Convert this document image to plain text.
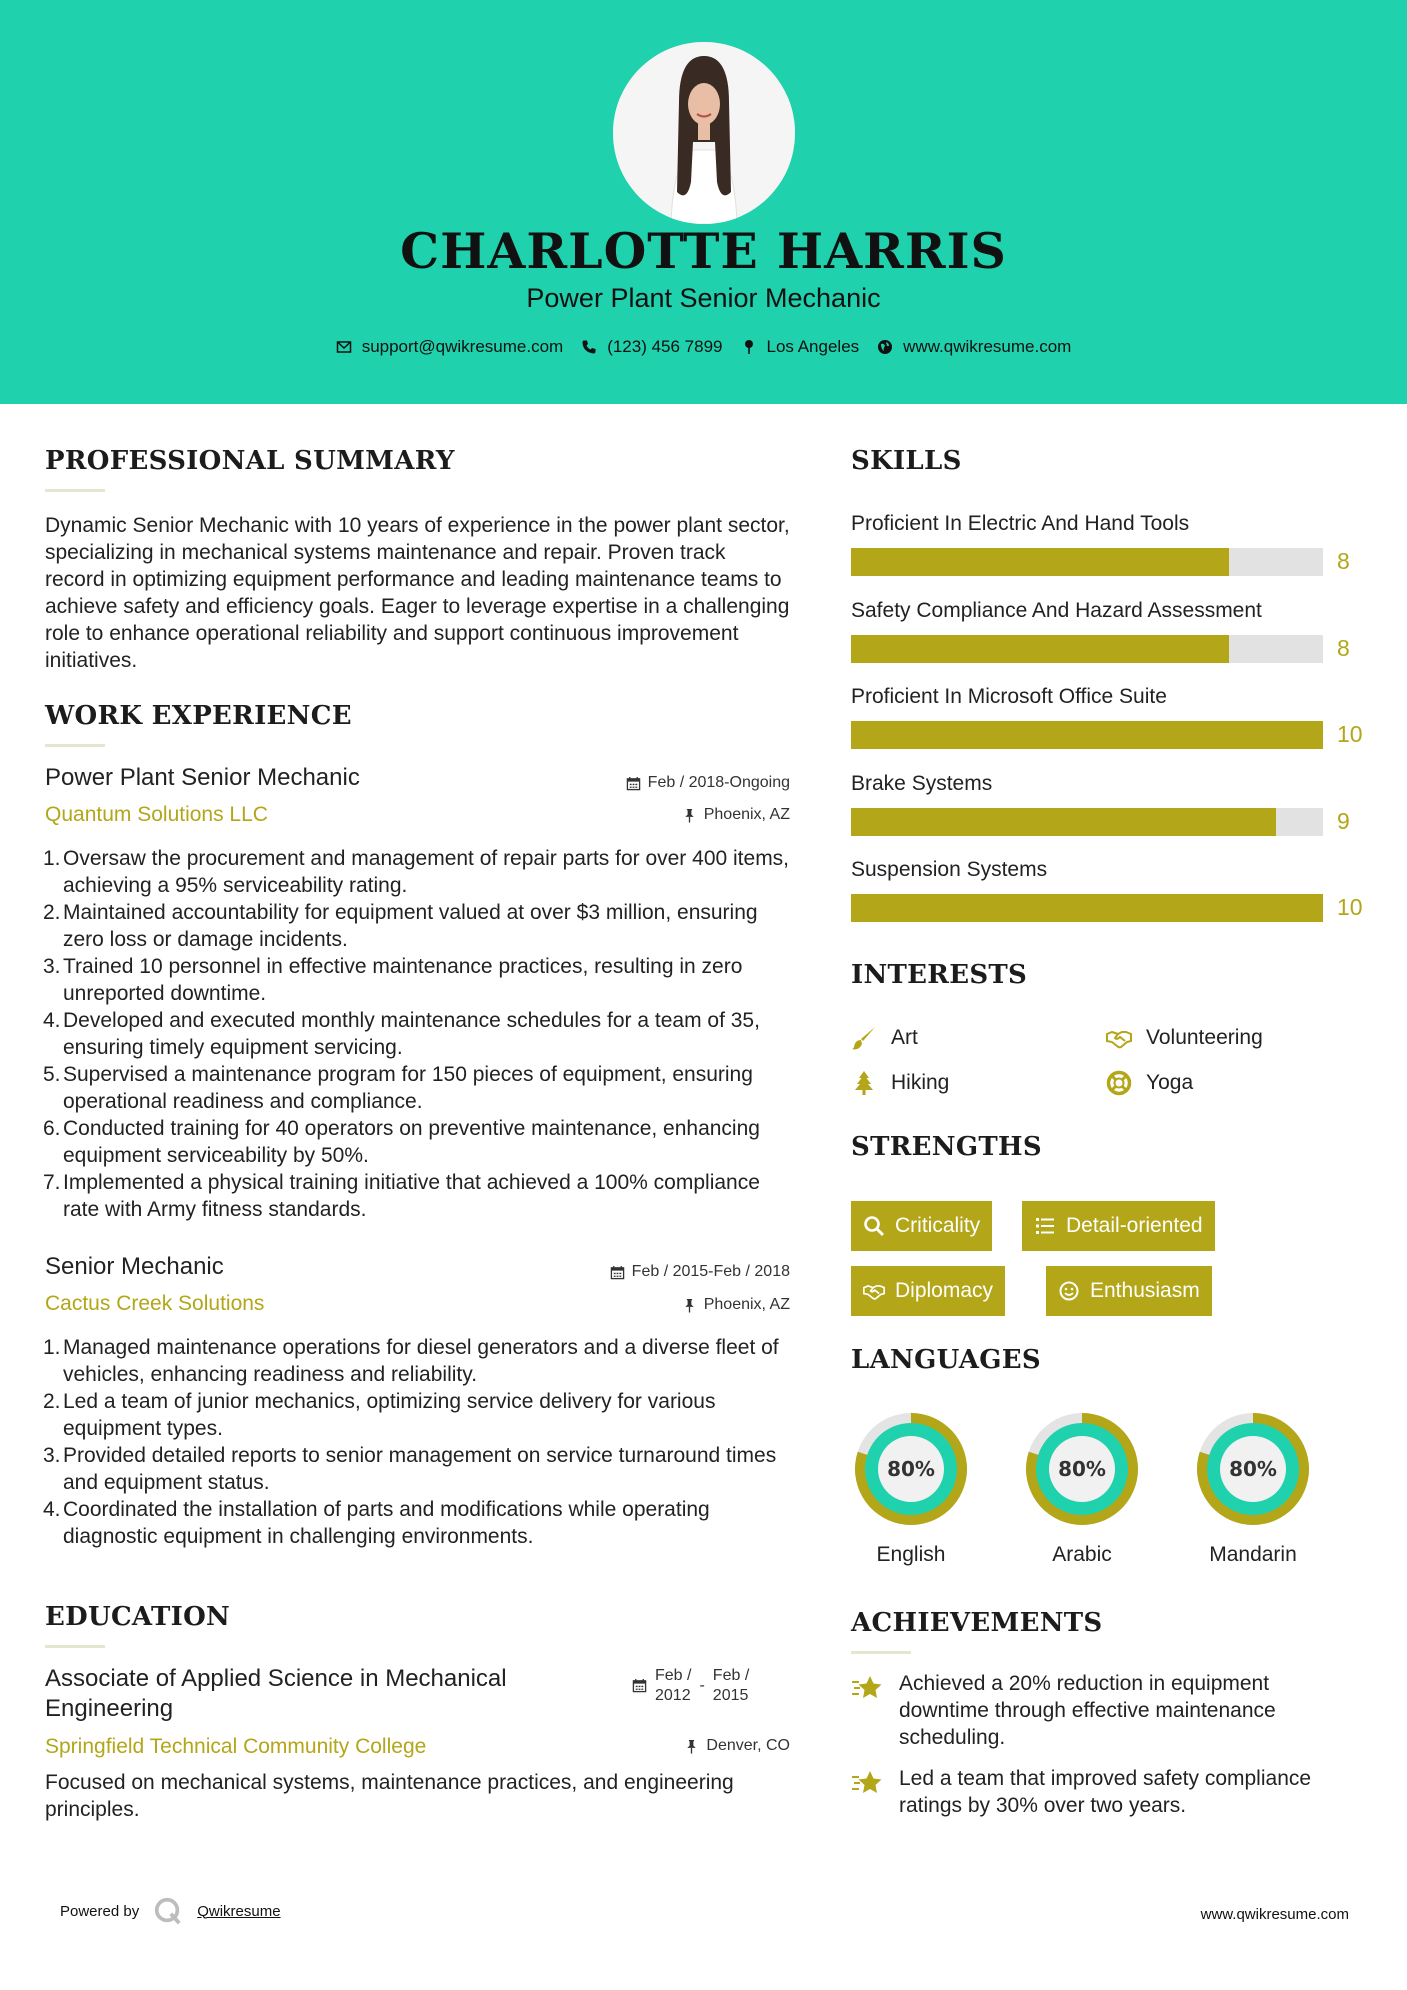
CHARLOTTE HARRIS
Power Plant Senior Mechanic
support@qwikresume.com	(123) 456 7899	Los Angeles	www.qwikresume.com
PROFESSIONAL SUMMARY
Dynamic Senior Mechanic with 10 years of experience in the power plant sector, specializing in mechanical systems maintenance and repair. Proven track record in optimizing equipment performance and leading maintenance teams to achieve safety and efficiency goals. Eager to leverage expertise in a challenging role to enhance operational reliability and support continuous improvement initiatives.
WORK EXPERIENCE
Power Plant Senior Mechanic	Feb / 2018-Ongoing
Quantum Solutions LLC	Phoenix, AZ
1. Oversaw the procurement and management of repair parts for over 400 items, achieving a 95% serviceability rating.
2. Maintained accountability for equipment valued at over $3 million, ensuring zero loss or damage incidents.
3. Trained 10 personnel in effective maintenance practices, resulting in zero unreported downtime.
4. Developed and executed monthly maintenance schedules for a team of 35, ensuring timely equipment servicing.
5. Supervised a maintenance program for 150 pieces of equipment, ensuring operational readiness and compliance.
6. Conducted training for 40 operators on preventive maintenance, enhancing equipment serviceability by 50%.
7. Implemented a physical training initiative that achieved a 100% compliance rate with Army fitness standards.
Senior Mechanic	Feb / 2015-Feb / 2018
Cactus Creek Solutions	Phoenix, AZ
1. Managed maintenance operations for diesel generators and a diverse fleet of vehicles, enhancing readiness and reliability.
2. Led a team of junior mechanics, optimizing service delivery for various equipment types.
3. Provided detailed reports to senior management on service turnaround times and equipment status.
4. Coordinated the installation of parts and modifications while operating diagnostic equipment in challenging environments.
EDUCATION
Associate of Applied Science in Mechanical Engineering
Feb /
2012
-
Feb /
2015
Springfield Technical Community College	Denver, CO
Focused on mechanical systems, maintenance practices, and engineering principles.
SKILLS
Proficient In Electric And Hand Tools
8
Safety Compliance And Hazard Assessment
8
Proficient In Microsoft Office Suite
10
Brake Systems
9
Suspension Systems
10
INTERESTS
Art	Volunteering
Hiking	Yoga
STRENGTHS
Criticality	Detail-oriented
Diplomacy	Enthusiasm
LANGUAGES
80%
English
80%
Arabic
80%
Mandarin
ACHIEVEMENTS
Achieved a 20% reduction in equipment downtime through effective maintenance scheduling.
Led a team that improved safety compliance ratings by 30% over two years.
Powered by	Qwikresume	www.qwikresume.com
